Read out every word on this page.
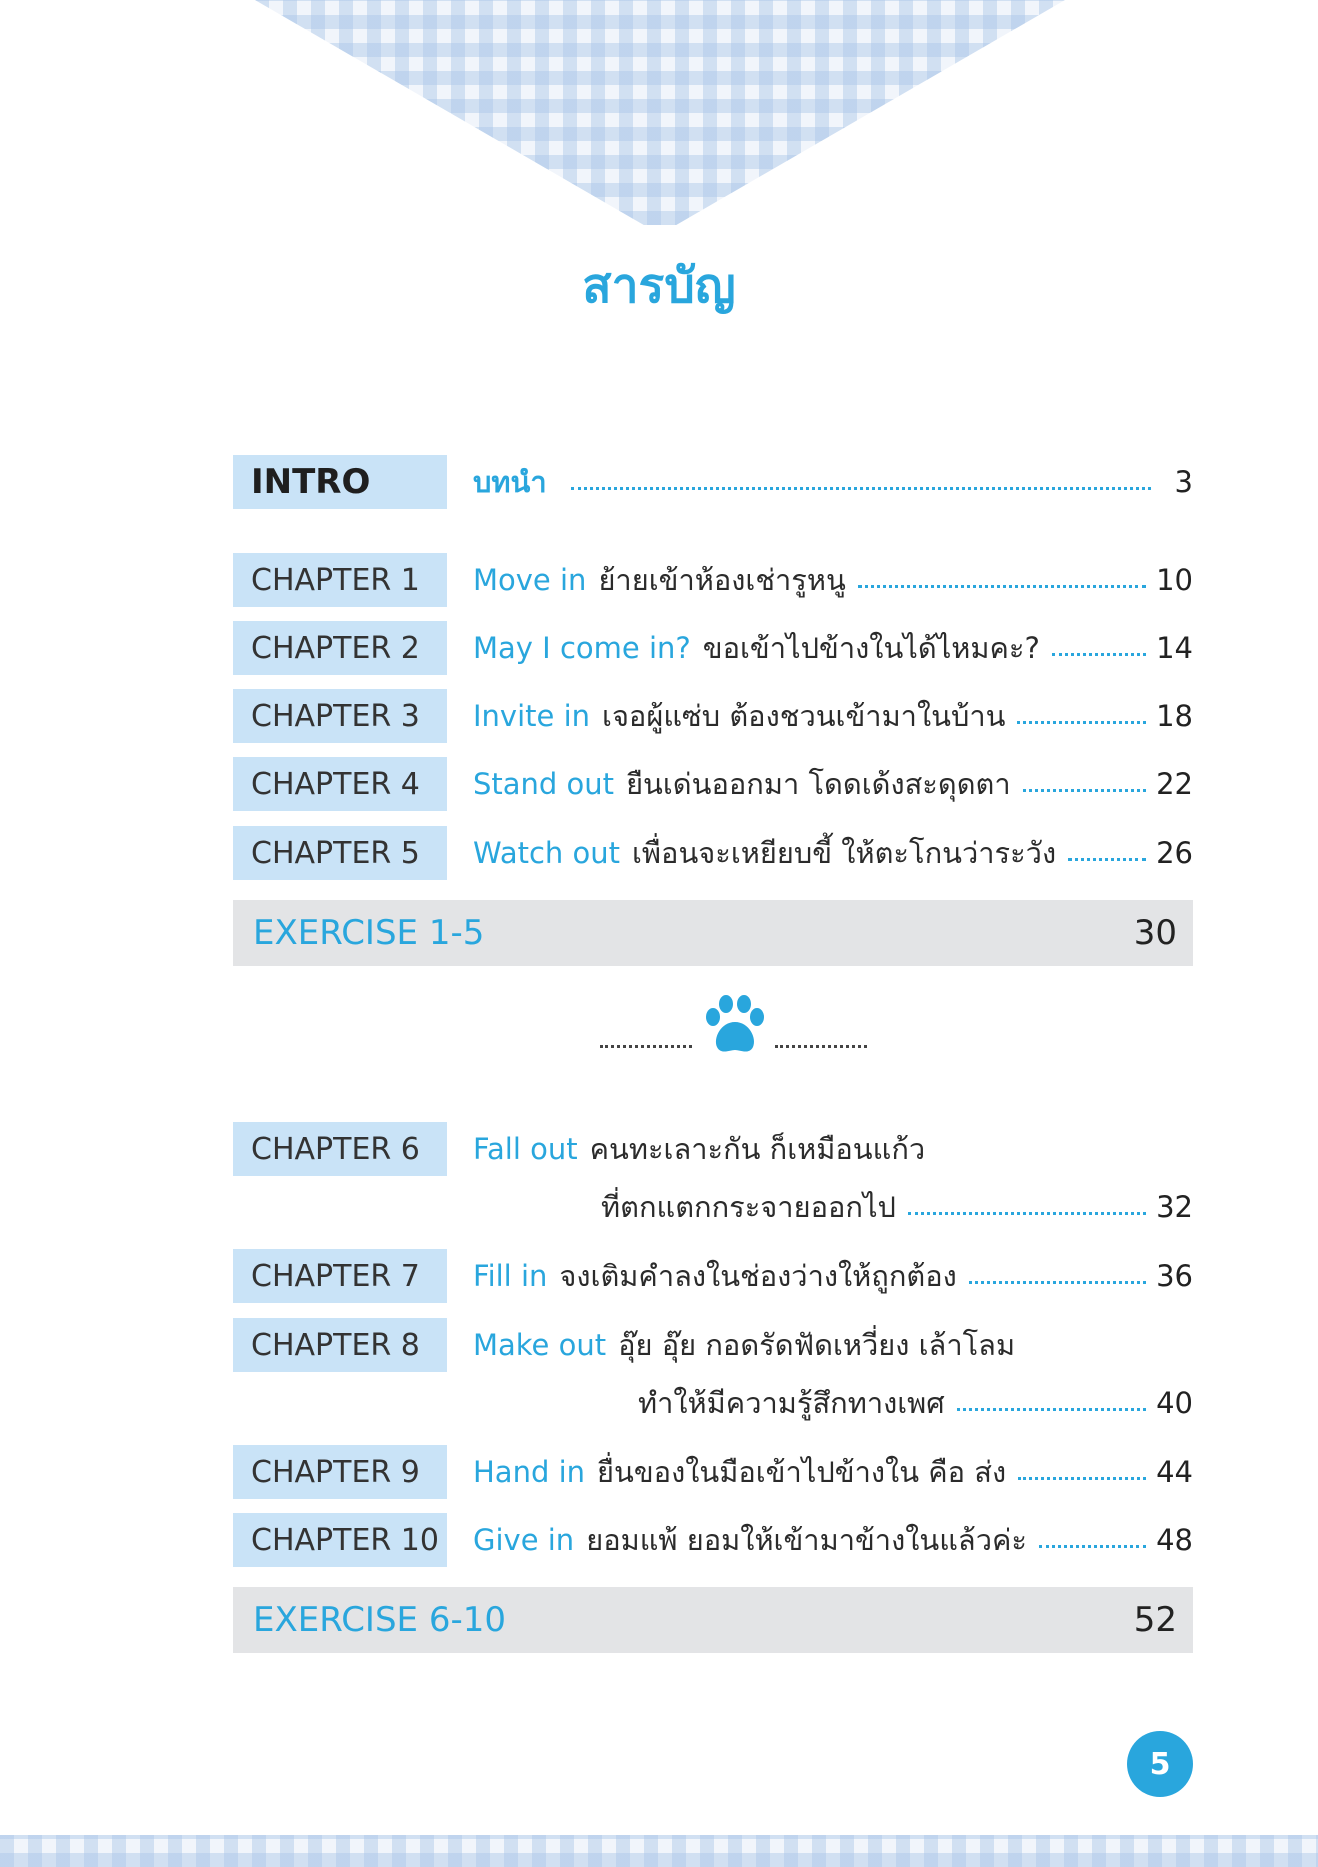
สารบัญ
INTRO	บทนำ	3
CHAPTER 1	Move in ย้ายเข้าห้องเช่ารูหนู	10
CHAPTER 2	May I come in? ขอเข้าไปข้างในได้ไหมคะ?	14
CHAPTER 3	Invite in เจอผู้แซ่บ ต้องชวนเข้ามาในบ้าน	18
CHAPTER 4	Stand out ยืนเด่นออกมา โดดเด้งสะดุดตา	22
CHAPTER 5	Watch out เพื่อนจะเหยียบขี้ ให้ตะโกนว่าระวัง	26
EXERCISE 1-5	30
CHAPTER 6	Fall out คนทะเลาะกัน ก็เหมือนแก้ว
ที่ตกแตกกระจายออกไป	32
CHAPTER 7	Fill in จงเติมคำลงในช่องว่างให้ถูกต้อง	36
CHAPTER 8	Make out อุ๊ย อุ๊ย กอดรัดฟัดเหวี่ยง เล้าโลม
ทำให้มีความรู้สึกทางเพศ	40
CHAPTER 9	Hand in ยื่นของในมือเข้าไปข้างใน คือ ส่ง	44
CHAPTER 10 Give in ยอมแพ้ ยอมให้เข้ามาข้างในแล้วค่ะ	48
EXERCISE 6-10	52
5
